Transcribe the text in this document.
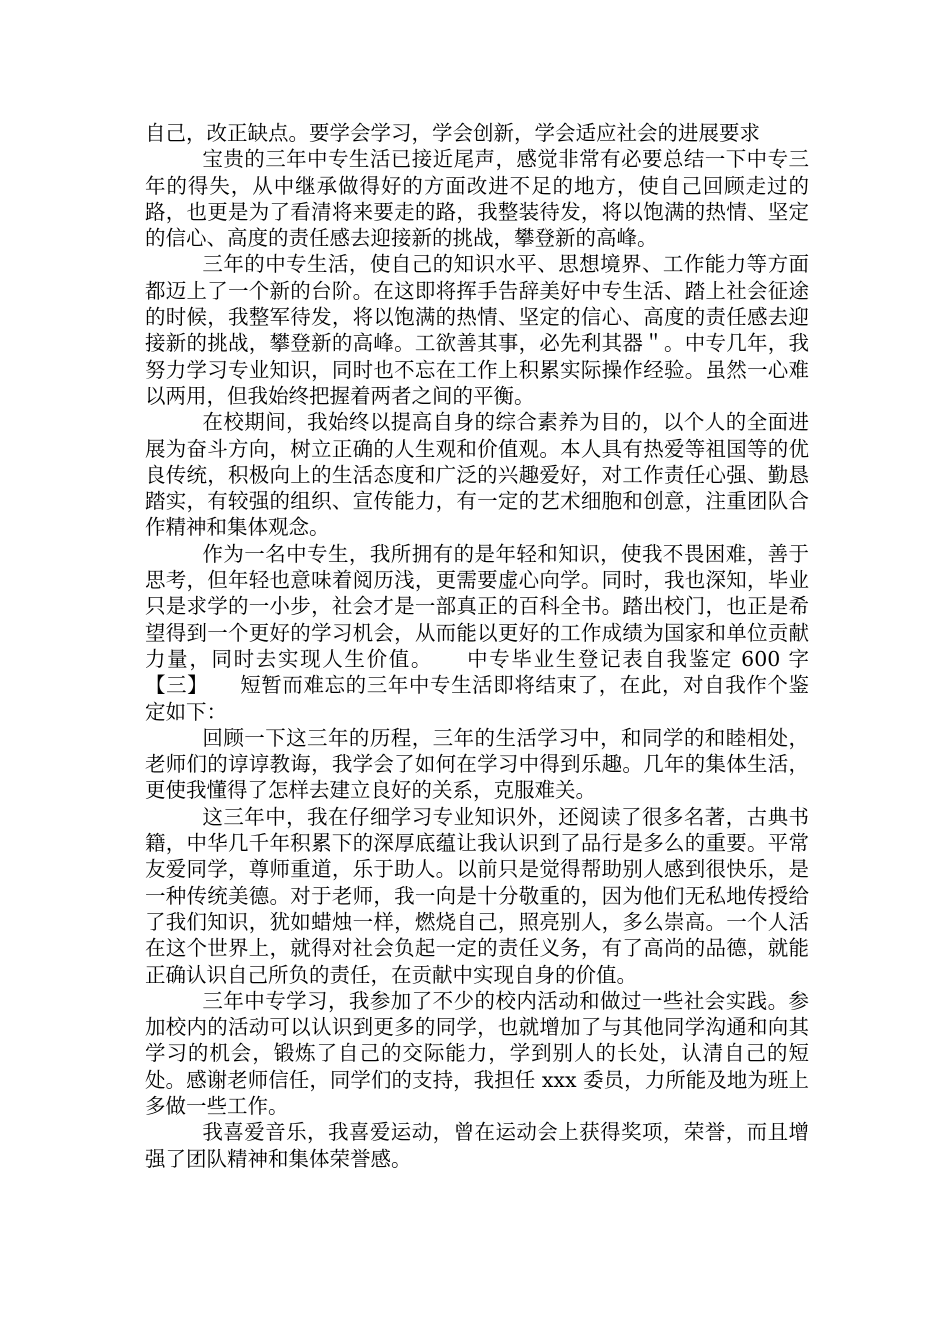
自己，改正缺点。要学会学习，学会创新，学会适应社会的进展要求

宝贵的三年中专生活已接近尾声，感觉非常有必要总结一下中专三年的得失，从中继承做得好的方面改进不足的地方，使自己回顾走过的路，也更是为了看清将来要走的路，我整装待发，将以饱满的热情、坚定的信心、高度的责任感去迎接新的挑战，攀登新的高峰。

三年的中专生活，使自己的知识水平、思想境界、工作能力等方面都迈上了一个新的台阶。在这即将挥手告辞美好中专生活、踏上社会征途的时候，我整军待发，将以饱满的热情、坚定的信心、高度的责任感去迎接新的挑战，攀登新的高峰。工欲善其事，必先利其器＂。中专几年，我努力学习专业知识，同时也不忘在工作上积累实际操作经验。虽然一心难以两用，但我始终把握着两者之间的平衡。

在校期间，我始终以提高自身的综合素养为目的，以个人的全面进展为奋斗方向，树立正确的人生观和价值观。本人具有热爱等祖国等的优良传统，积极向上的生活态度和广泛的兴趣爱好，对工作责任心强、勤恳踏实，有较强的组织、宣传能力，有一定的艺术细胞和创意，注重团队合作精神和集体观念。

作为一名中专生，我所拥有的是年轻和知识，使我不畏困难，善于思考，但年轻也意味着阅历浅，更需要虚心向学。同时，我也深知，毕业只是求学的一小步，社会才是一部真正的百科全书。踏出校门，也正是希望得到一个更好的学习机会，从而能以更好的工作成绩为国家和单位贡献力量，同时去实现人生价值。　　中专毕业生登记表自我鉴定 600 字【三】　　短暂而难忘的三年中专生活即将结束了，在此，对自我作个鉴定如下：

回顾一下这三年的历程，三年的生活学习中，和同学的和睦相处，老师们的谆谆教诲，我学会了如何在学习中得到乐趣。几年的集体生活，更使我懂得了怎样去建立良好的关系，克服难关。

这三年中，我在仔细学习专业知识外，还阅读了很多名著，古典书籍，中华几千年积累下的深厚底蕴让我认识到了品行是多么的重要。平常友爱同学，尊师重道，乐于助人。以前只是觉得帮助别人感到很快乐，是一种传统美德。对于老师，我一向是十分敬重的，因为他们无私地传授给了我们知识，犹如蜡烛一样，燃烧自己，照亮别人，多么崇高。一个人活在这个世界上，就得对社会负起一定的责任义务，有了高尚的品德，就能正确认识自己所负的责任，在贡献中实现自身的价值。

三年中专学习，我参加了不少的校内活动和做过一些社会实践。参加校内的活动可以认识到更多的同学，也就增加了与其他同学沟通和向其学习的机会，锻炼了自己的交际能力，学到别人的长处，认清自己的短处。感谢老师信任，同学们的支持，我担任 xxx 委员，力所能及地为班上多做一些工作。

我喜爱音乐，我喜爱运动，曾在运动会上获得奖项，荣誉，而且增强了团队精神和集体荣誉感。
